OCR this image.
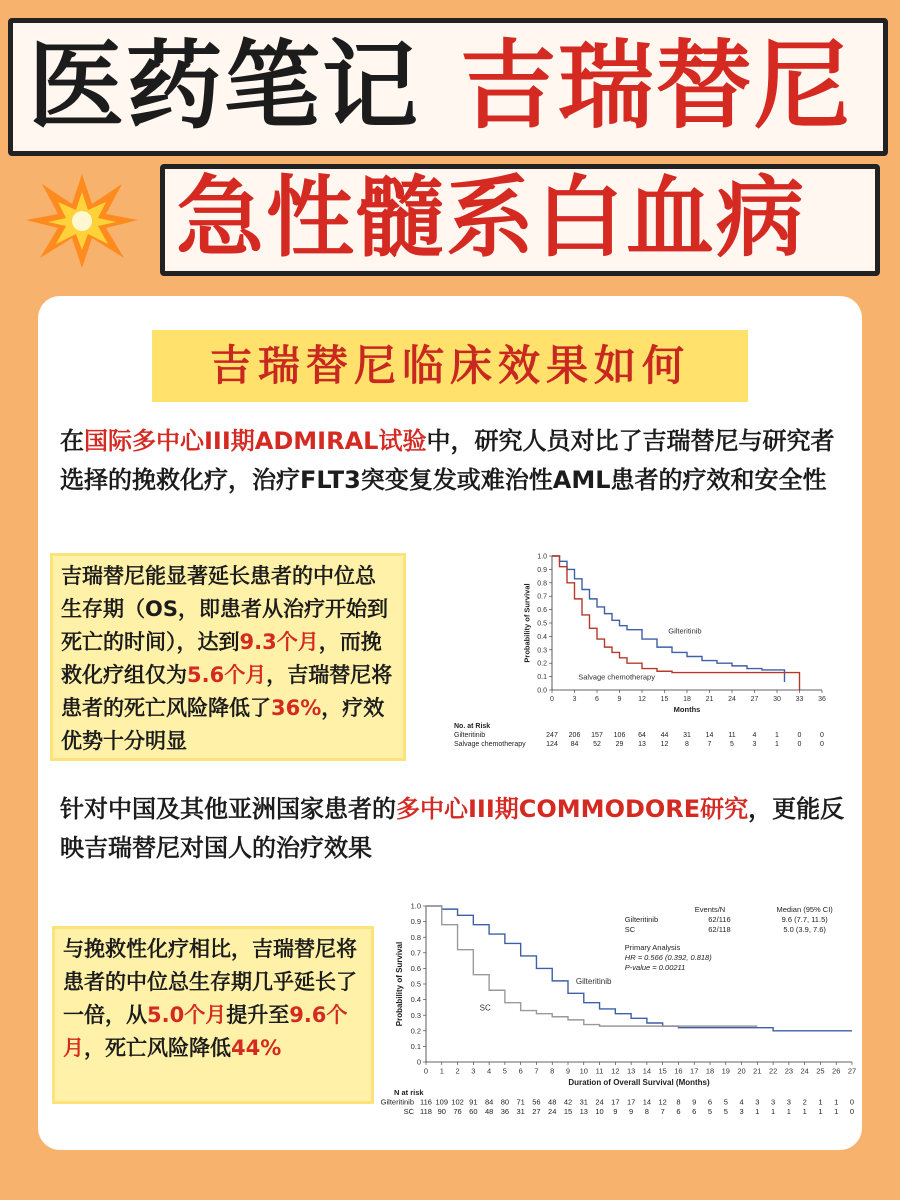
医药笔记 吉瑞替尼
急性髓系白血病
吉瑞替尼临床效果如何
在国际多中心III期ADMIRAL试验中，研究人员对比了吉瑞替尼与研究者选择的挽救化疗，治疗FLT3突变复发或难治性AML患者的疗效和安全性
吉瑞替尼能显著延长患者的中位总生存期（OS，即患者从治疗开始到死亡的时间），达到9.3个月，而挽救化疗组仅为5.6个月，吉瑞替尼将患者的死亡风险降低了36%，疗效优势十分明显
0.0
0.1
0.2
0.3
0.4
0.5
0.6
0.7
0.8
0.9
1.0
0	3	6	9 12 15 18 21 24 27 30 33 36
Months
Probability of Survival
No. at Risk
Gilteritinib	247 206 157 106 64 44 31 14 11 4	1	0	0
Salvage chemotherapy	124 84 52 29 13 12 8	7	5	3	1	0	0
Gilteritinib
Salvage chemotherapy
针对中国及其他亚洲国家患者的多中心III期COMMODORE研究，更能反映吉瑞替尼对国人的治疗效果
与挽救性化疗相比，吉瑞替尼将患者的中位总生存期几乎延长了一倍，从5.0个月提升至9.6个月，死亡风险降低44%
0
0.1
0.2
0.3
0.4
0.5
0.6
0.7
0.8
0.9
1.0
0 1 2 3 4 5 6 7 8 9 10 11 12 13 14 15 16 17 18 19 20 21 22 23 24 25 26 27
Duration of Overall Survival (Months)
Probability of Survival
N at risk
Gilteritinib 116 109 102 91 84 80 71 56 48 42 31 24 17 17 14 12 8 9 6 5 4 3 3 3 2 1 1 0
SC 118 90 76 60 48 36 31 27 24 15 13 10 9 9 8 7 6 6 5 5 3 1 1 1 1 1 1 0
Events/N	Median (95% CI)
Gilteritinib	62/116	9.6 (7.7, 11.5)
SC	62/118	5.0 (3.9, 7.6)
Primary Analysis
HR = 0.566 (0.392, 0.818)
P-value = 0.00211
Gilteritinib
SC
